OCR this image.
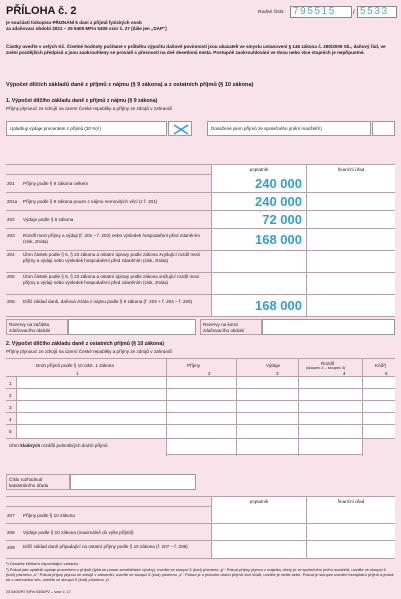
PŘÍLOHA č. 2	Rodné číslo: 795515	/ 5533
je součástí tiskopisu PŘIZNÁNÍ k dani z příjmů fyzických osob
za zdaňovací období 2021 – 25 5405 MFin 5405 vzor č. 27 (dále jen „DAP")
Částky uveďte v celých Kč. Číselné hodnoty počítané v průběhu výpočtu daňové povinnosti jsou ukazatelí ve smyslu ustanovení § 146 zákona č. 280/2009 Sb., daňový řád, ve znění pozdějších předpisů a jsou zaokrouhleny se provádí s přesností na dvě desetinná místa. Postupně zaokrouhlování ve dvou nebo více stupních je nepřípustné.
Výpočet dílčích základů daně z příjmů z nájmu (§ 9 zákona) a z ostatních příjmů (§ 10 zákona)
1. Výpočet dílčího základu daně z příjmů z nájmu (§ 9 zákona)
Příjmy plynoucí ze zdrojů na území České republiky a příjmy ze zdrojů v zahraničí
Uplatňuji výdaje procentem z příjmů (30 %)¹)	Dosažené jsem příjmů ze společného jmění manželů¹)
poplatník	finanční úřad
201	Příjmy podle § 9 zákona celkem	240 000
201a	Příjmy podle § 9 zákona pouze z nájmu nemovitých věcí (z ř. 201)	240 000
202	Výdaje podle § 9 zákona	72 000
203	Rozdíl mezi příjmy a výdaji (ř. 201 – ř. 202) nebo výsledek hospodaření před zdaněním (zisk, ztráta)	168 000
204	Úhrn částek podle § 5, § 23 zákona a ostatní úpravy podle zákona zvyšující rozdíl mezi příjmy a výdaji nebo výsledek hospodaření před zdaněním (zisk, ztráta)
205	Úhrn částek podle § 5, § 23 zákona a ostatní úpravy podle zákona snižující rozdíl mezi příjmy a výdaji nebo výsledek hospodaření před zdaněním (zisk, ztráta)
206	Dílčí základ daně, daňová ztráta z nájmu podle § 9 zákona (ř. 203 + ř. 204 – ř. 205)	168 000
Rezervy na začátku zdaňovacího období
Rezervy na konci zdaňovacího období
2. Výpočet dílčího základu daně z ostatních příjmů (§ 10 zákona)
Příjmy plynoucí ze zdrojů na území České republiky a příjmy ze zdrojů v zahraničí
Druh příjmů podle § 10 odst. 1 zákona	Příjmy	Výdaje	Rozdíl
(sloupec 2 – sloupec 3)	Kód²)
1	2	3	4	5
1
2
3
4
5
Úhrn kladných rozdílů jednotlivých druhů příjmů
Číslo rozhodnutí katastrálního úřadu
poplatník	finanční úřad
207	Příjmy podle § 10 zákona
208	Výdaje podle § 10 zákona (maximálně do výše příjmů)
209	Dílčí základ daně připadající na ostatní příjmy podle § 10 zákona (ř. 207 – ř. 208)
¹) Označte křížkem odpovídající variantu.
²) Pokud jste uplatnili výdaje procentem z příjmů (týká se pouze zemědělské výroby), uveďte ve sloupci 5 (kód) písmeno „p". Pokud příjmy plynou z majetku, který je ve společném jmění manželů, uveďte ve sloupci 5 (kód) písmeno „s". Pokud příjmy plynou ze zdrojů v zahraničí, uveďte ve sloupci 5 (kód) písmeno „z". Pokud je u jednoho druhu příjmů více kódů, uveďte je vedle sebe. Pokud je sloupec uveden bezúplatní příjem a jedná se o nemovitou věc, uveďte ve sloupci 5 (kód) písmeno „n".
25 5405/P2 MFin 5405/P2 – vzor č. 17
